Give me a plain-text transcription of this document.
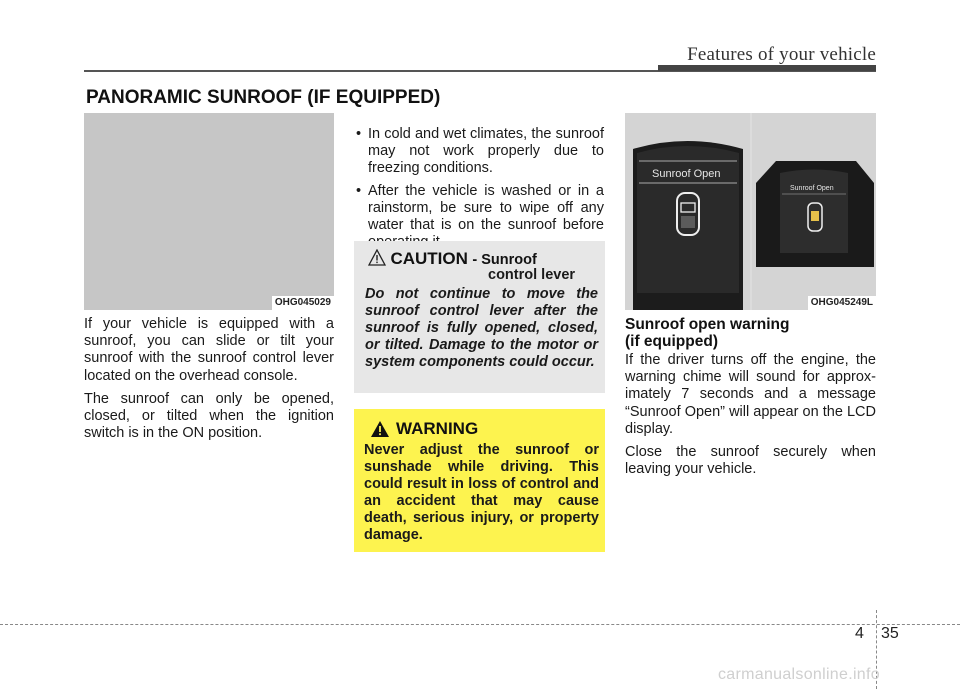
Features of your vehicle
PANORAMIC SUNROOF (IF EQUIPPED)
OHG045029

If your vehicle is equipped with a sunroof, you can slide or tilt your sunroof with the sunroof control lever located on the overhead console.

The sunroof can only be opened, closed, or tilted when the ignition switch is in the ON position.

• In cold and wet climates, the sunroof may not work properly due to freezing conditions.
• After the vehicle is washed or in a rainstorm, be sure to wipe off any water that is on the sunroof before
CAUTION - Sunroof
control lever
Do not continue to move the sunroof control lever after the sunroof is fully opened, closed, or tilted. Damage to the motor or system components could occur.
WARNING
Never adjust the sunroof or sunshade while driving. This could result in loss of control and an accident that may cause death, serious injury, or property damage.
Sunroof Open
Sunroof Open
OHG045249L
Sunroof open warning
(if equipped)

If the driver turns off the engine, the warning chime will sound for approximately 7 seconds and a message “Sunroof Open” will appear on the LCD display.

Close the sunroof securely when leaving your vehicle.

4 35
carmanualsonline.info
